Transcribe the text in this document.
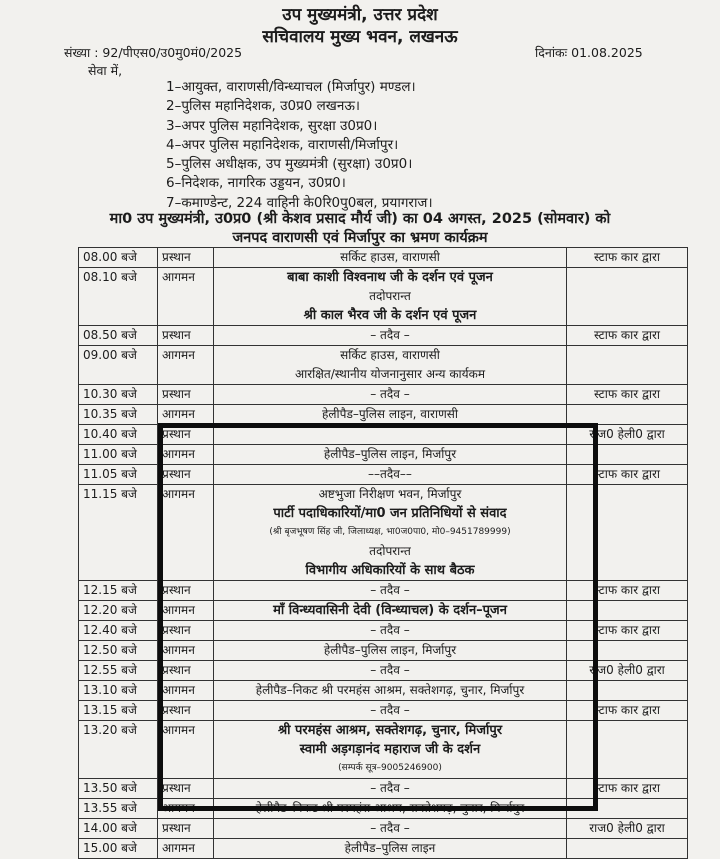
उप मुख्यमंत्री, उत्तर प्रदेश
सचिवालय मुख्य भवन, लखनऊ
संख्या : 92/पीएस0/उ0मु0मं0/2025	दिनांकः 01.08.2025
सेवा में,
1–आयुक्त, वाराणसी/विन्ध्याचल (मिर्जापुर) मण्डल।
2–पुलिस महानिदेशक, उ0प्र0 लखनऊ।
3–अपर पुलिस महानिदेशक, सुरक्षा उ0प्र0।
4–अपर पुलिस महानिदेशक, वाराणसी/मिर्जापुर।
5–पुलिस अधीक्षक, उप मुख्यमंत्री (सुरक्षा) उ0प्र0।
6–निदेशक, नागरिक उड्डयन, उ0प्र0।
7–कमाण्डेन्ट, 224 वाहिनी के0रि0पु0बल, प्रयागराज।
मा0 उप मुख्यमंत्री, उ0प्र0 (श्री केशव प्रसाद मौर्य जी) का 04 अगस्त, 2025 (सोमवार) को
जनपद वाराणसी एवं मिर्जापुर का भ्रमण कार्यक्रम
08.00 बजे	प्रस्थान	सर्किट हाउस, वाराणसी	स्टाफ कार द्वारा
08.10 बजे	आगमन	बाबा काशी विश्वनाथ जी के दर्शन एवं पूजन
तदोपरान्त
श्री काल भैरव जी के दर्शन एवं पूजन	

08.50 बजे	प्रस्थान	– तदैव –	स्टाफ कार द्वारा
09.00 बजे	आगमन	सर्किट हाउस, वाराणसी
आरक्षित/स्थानीय योजनानुसार अन्य कार्यकम	

10.30 बजे	प्रस्थान	– तदैव –	स्टाफ कार द्वारा
10.35 बजे	आगमन	हेलीपैड–पुलिस लाइन, वाराणसी	

10.40 बजे	प्रस्थान		राज0 हेली0 द्वारा
11.00 बजे	आगमन	हेलीपैड–पुलिस लाइन, मिर्जापुर	

11.05 बजे	प्रस्थान	––तदैव––	स्टाफ कार द्वारा
11.15 बजे	आगमन	अष्टभुजा निरीक्षण भवन, मिर्जापुर
पार्टी पदाधिकारियों/मा0 जन प्रतिनिधियों से संवाद
(श्री बृजभूषण सिंह जी, जिलाध्यक्ष, भा0ज0पा0, मो0–9451789999)
तदोपरान्त
विभागीय अधिकारियों के साथ बैठक	

12.15 बजे	प्रस्थान	– तदैव –	स्टाफ कार द्वारा
12.20 बजे	आगमन	माँ विन्ध्यवासिनी देवी (विन्ध्याचल) के दर्शन–पूजन	

12.40 बजे	प्रस्थान	– तदैव –	स्टाफ कार द्वारा
12.50 बजे	आगमन	हेलीपैड–पुलिस लाइन, मिर्जापुर	

12.55 बजे	प्रस्थान	– तदैव –	राज0 हेली0 द्वारा
13.10 बजे	आगमन	हेलीपैड–निकट श्री परमहंस आश्रम, सक्तेशगढ़, चुनार, मिर्जापुर	

13.15 बजे	प्रस्थान	– तदैव –	स्टाफ कार द्वारा
13.20 बजे	आगमन	श्री परमहंस आश्रम, सक्तेशगढ़, चुनार, मिर्जापुर
स्वामी अड़गड़ानंद महाराज जी के दर्शन
(सम्पर्क सूत्र–9005246900)	

13.50 बजे	प्रस्थान	– तदैव –	स्टाफ कार द्वारा
13.55 बजे	आगमन	हेलीपैड–निकट श्री परमहंस आश्रम, सक्तेशगढ़, चुनार, मिर्जापुर	

14.00 बजे	प्रस्थान	– तदैव –	राज0 हेली0 द्वारा
15.00 बजे	आगमन	हेलीपैड–पुलिस लाइन	
